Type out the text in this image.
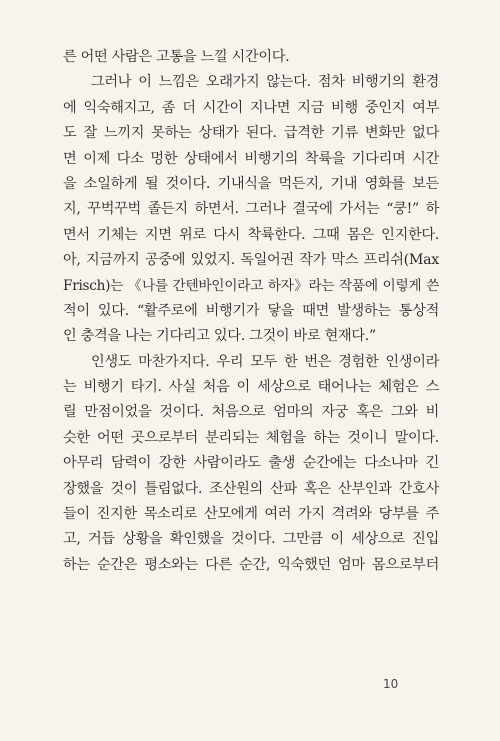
른 어떤 사람은 고통을 느낄 시간이다.

그러나 이 느낌은 오래가지 않는다. 점차 비행기의 환경
에 익숙해지고, 좀 더 시간이 지나면 지금 비행 중인지 여부
도 잘 느끼지 못하는 상태가 된다. 급격한 기류 변화만 없다
면 이제 다소 멍한 상태에서 비행기의 착륙을 기다리며 시간
을 소일하게 될 것이다. 기내식을 먹든지, 기내 영화를 보든
지, 꾸벅꾸벅 졸든지 하면서. 그러나 결국에 가서는 “쿵!” 하
면서 기체는 지면 위로 다시 착륙한다. 그때 몸은 인지한다.
아, 지금까지 공중에 있었지. 독일어권 작가 막스 프리쉬(Max
Frisch)는 《나를 간텐바인이라고 하자》라는 작품에 이렇게 쓴
적이 있다. “활주로에 비행기가 닿을 때면 발생하는 통상적
인 충격을 나는 기다리고 있다. 그것이 바로 현재다.”

인생도 마찬가지다. 우리 모두 한 번은 경험한 인생이라
는 비행기 타기. 사실 처음 이 세상으로 태어나는 체험은 스
릴 만점이었을 것이다. 처음으로 엄마의 자궁 혹은 그와 비
슷한 어떤 곳으로부터 분리되는 체험을 하는 것이니 말이다.
아무리 담력이 강한 사람이라도 출생 순간에는 다소나마 긴
장했을 것이 틀림없다. 조산원의 산파 혹은 산부인과 간호사
들이 진지한 목소리로 산모에게 여러 가지 격려와 당부를 주
고, 거듭 상황을 확인했을 것이다. 그만큼 이 세상으로 진입
하는 순간은 평소와는 다른 순간, 익숙했던 엄마 몸으로부터

10
